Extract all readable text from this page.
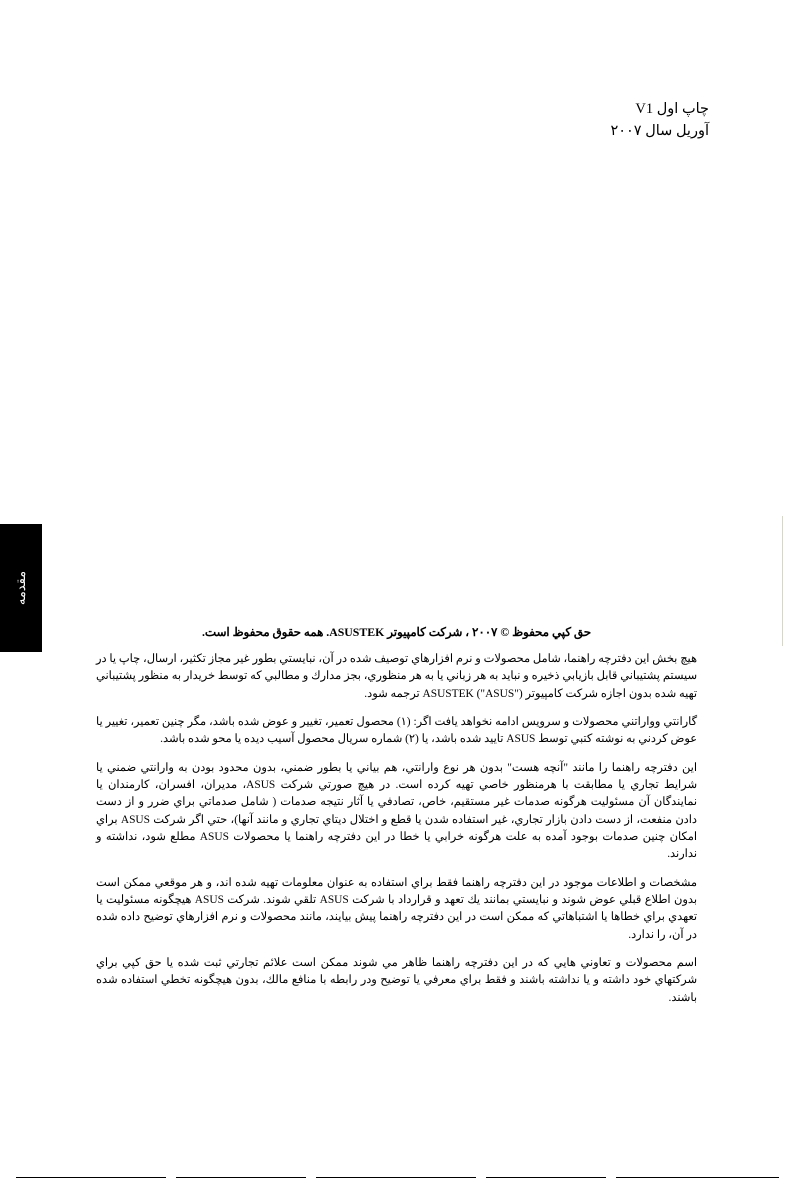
چاپ اول V1
آوریل سال ۲۰۰۷
مقدمه

حق کپي محفوظ © ۲۰۰۷ ، شرکت کامپیوتر ASUSTEK. همه حقوق محفوظ است.

هیچ بخش این دفترچه راهنما، شامل محصولات و نرم افزارهاي توصیف شده در آن، نبایستي بطور غیر مجاز تکثیر، ارسال، چاپ یا در سیستم پشتیباني قابل بازیابي ذخیره و نباید به هر زباني یا به هر منظوري، بجز مدارك و مطالبي که توسط خریدار به منظور پشتیباني تهیه شده بدون اجازه شرکت کامپیوتر ASUSTEK ("ASUS") ترجمه شود.

گارانتي وواراتني محصولات و سرویس ادامه نخواهد یافت اگر: (۱) محصول تعمیر، تغییر و عوض شده باشد، مگر چنین تعمیر، تغییر یا عوض کردني به نوشته کتبي توسط ASUS تایید شده باشد، یا (۲) شماره سریال محصول آسیب دیده یا محو شده باشد.

این دفترچه راهنما را مانند "آنچه هست" بدون هر نوع وارانتي، هم بیاني یا بطور ضمني، بدون محدود بودن به وارانتي ضمني یا شرایط تجاري یا مطابقت با هرمنظور خاصي تهیه کرده است. در هیچ صورتي شرکت ASUS، مدیران، افسران، کارمندان یا نمایندگان آن مسئولیت هرگونه صدمات غیر مستقیم، خاص، تصادفي یا آثار نتیجه صدمات ( شامل صدماتي براي ضرر و از دست دادن منفعت، از دست دادن بازار تجاري، غیر استفاده شدن یا قطع و اختلال دیتاي تجاري و مانند آنها)، حتي اگر شرکت ASUS براي امکان چنین صدمات بوجود آمده به علت هرگونه خرابي یا خطا در این دفترچه راهنما یا محصولات ASUS مطلع شود، نداشته و ندارند.

مشخصات و اطلاعات موجود در این دفترچه راهنما فقط براي استفاده به عنوان معلومات تهیه شده اند، و هر موقعي ممکن است بدون اطلاع قبلي عوض شوند و نبایستي بمانند یك تعهد و قرارداد با شرکت ASUS تلقي شوند. شرکت ASUS هیچگونه مسئولیت یا تعهدي براي خطاها یا اشتباهاتي که ممکن است در این دفترچه راهنما پیش بیایند، مانند محصولات و نرم افزارهاي توضیح داده شده در آن، را ندارد.

اسم محصولات و تعاوني هایي که در این دفترچه راهنما ظاهر مي شوند ممکن است علائم تجارتي ثبت شده یا حق کپي براي شرکتهاي خود داشته و یا نداشته باشند و فقط براي معرفي یا توضیح ودر رابطه با منافع مالك، بدون هیچگونه تخطي استفاده شده باشند.
